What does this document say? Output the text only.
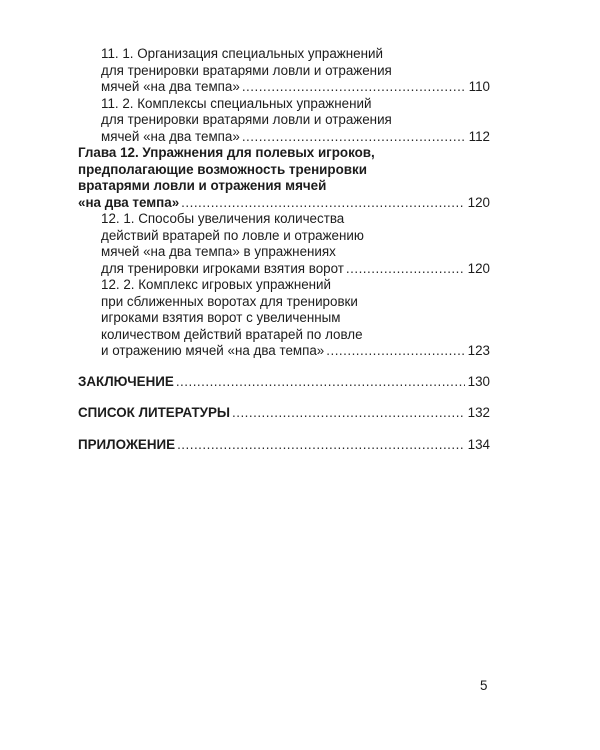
11. 1. Организация специальных упражнений
для тренировки вратарями ловли и отражения
мячей «на два темпа» .....	110
11. 2. Комплексы специальных упражнений
для тренировки вратарями ловли и отражения
мячей «на два темпа» .....	112
Глава 12. Упражнения для полевых игроков,
предполагающие возможность тренировки
вратарями ловли и отражения мячей
«на два темпа» .....	120
12. 1. Способы увеличения количества
действий вратарей по ловле и отражению
мячей «на два темпа» в упражнениях
для тренировки игроками взятия ворот .....	120
12. 2. Комплекс игровых упражнений
при сближенных воротах для тренировки
игроками взятия ворот с увеличенным
количеством действий вратарей по ловле
и отражению мячей «на два темпа» .....	123
ЗАКЛЮЧЕНИЕ .....	130
СПИСОК ЛИТЕРАТУРЫ .....	132
ПРИЛОЖЕНИЕ .....	134
5
